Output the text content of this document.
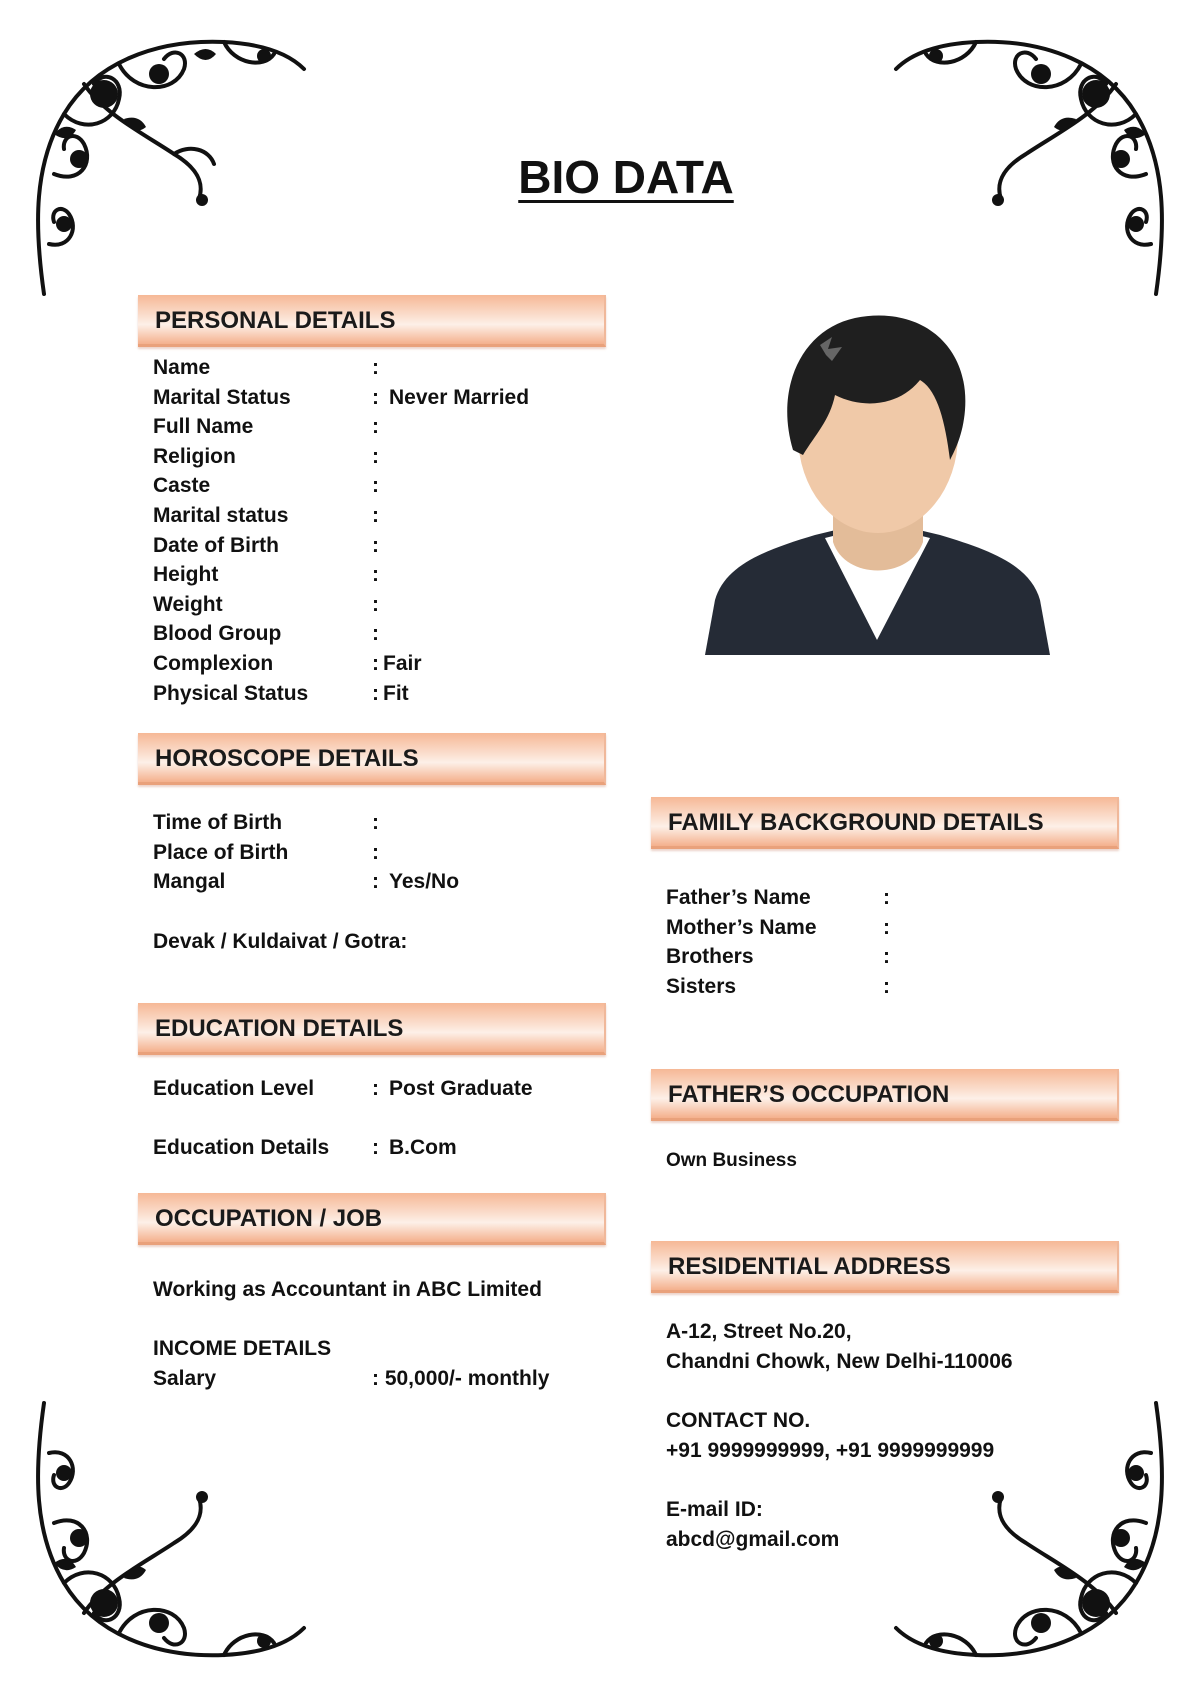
BIO DATA
PERSONAL DETAILS
Name	:
Marital Status	: Never Married
Full Name	:
Religion	:
Caste	:
Marital status	:
Date of Birth	:
Height	:
Weight	:
Blood Group	:
Complexion	: Fair
Physical Status	: Fit
HOROSCOPE DETAILS
Time of Birth	:
Place of Birth	:
Mangal	: Yes/No
Devak / Kuldaivat / Gotra:
EDUCATION DETAILS
Education Level	: Post Graduate
Education Details : B.Com
OCCUPATION / JOB
Working as Accountant in ABC Limited
INCOME DETAILS
Salary	: 50,000/- monthly
FAMILY BACKGROUND DETAILS
Father’s Name	:
Mother’s Name	:
Brothers	:
Sisters	:
FATHER’S OCCUPATION
Own Business
RESIDENTIAL ADDRESS
A-12, Street No.20,
Chandni Chowk, New Delhi-110006
CONTACT NO.
+91 9999999999, +91 9999999999
E-mail ID:
abcd@gmail.com
